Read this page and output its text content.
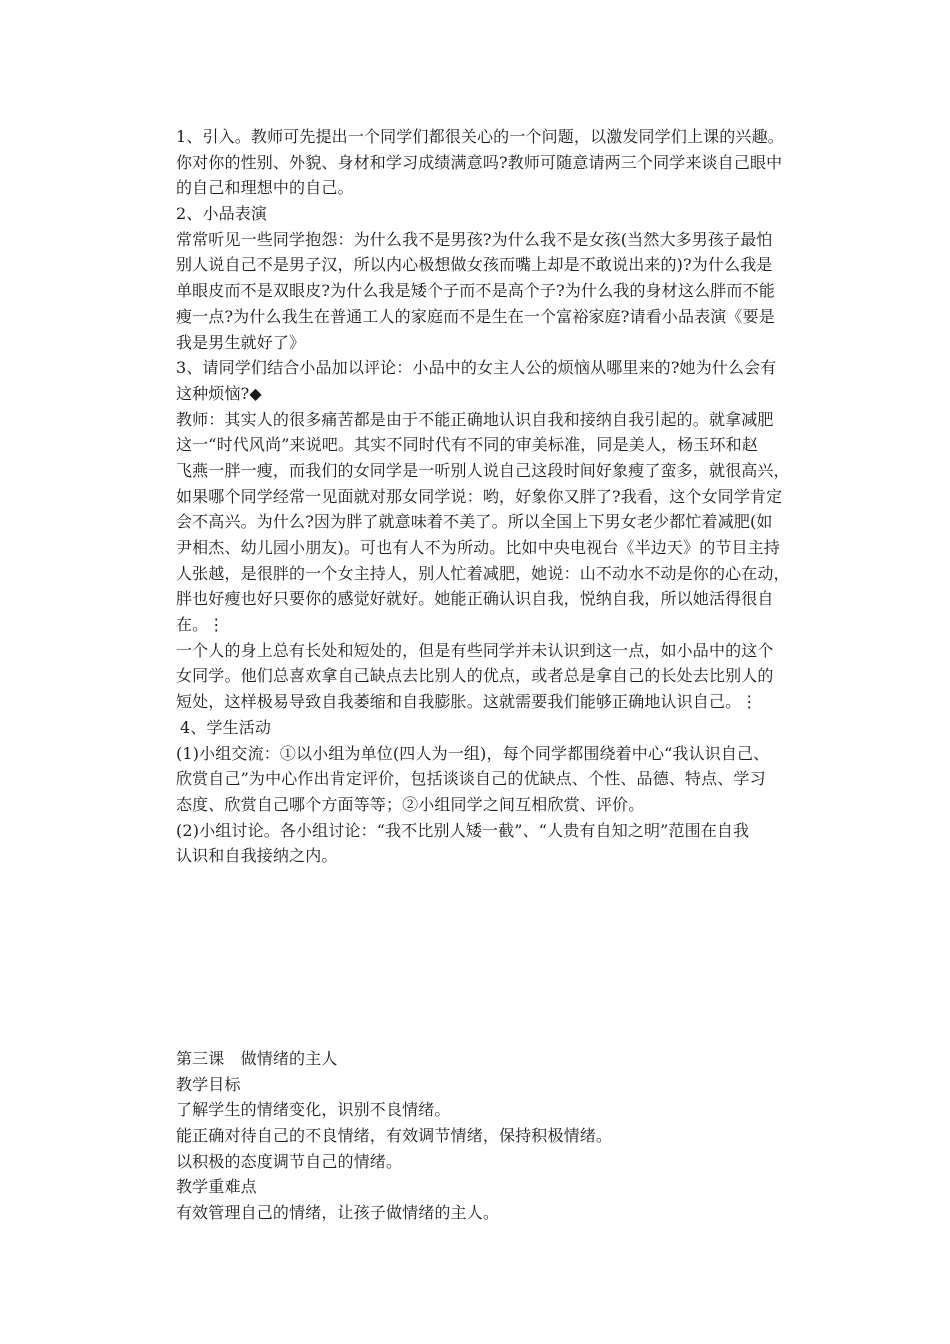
1、引入。教师可先提出一个同学们都很关心的一个问题，以激发同学们上课的兴趣。
你对你的性别、外貌、身材和学习成绩满意吗?教师可随意请两三个同学来谈自己眼中
的自己和理想中的自己。
2、小品表演
常常听见一些同学抱怨：为什么我不是男孩?为什么我不是女孩(当然大多男孩子最怕
别人说自己不是男子汉，所以内心极想做女孩而嘴上却是不敢说出来的)?为什么我是
单眼皮而不是双眼皮?为什么我是矮个子而不是高个子?为什么我的身材这么胖而不能
瘦一点?为什么我生在普通工人的家庭而不是生在一个富裕家庭?请看小品表演《要是
我是男生就好了》
3、请同学们结合小品加以评论：小品中的女主人公的烦恼从哪里来的?她为什么会有
这种烦恼?◆
教师：其实人的很多痛苦都是由于不能正确地认识自我和接纳自我引起的。就拿减肥
这一“时代风尚”来说吧。其实不同时代有不同的审美标准，同是美人，杨玉环和赵
飞燕一胖一瘦，而我们的女同学是一听别人说自己这段时间好象瘦了蛮多，就很高兴，
如果哪个同学经常一见面就对那女同学说：哟，好象你又胖了?我看，这个女同学肯定
会不高兴。为什么?因为胖了就意味着不美了。所以全国上下男女老少都忙着减肥(如
尹相杰、幼儿园小朋友)。可也有人不为所动。比如中央电视台《半边天》的节目主持
人张越，是很胖的一个女主持人，别人忙着减肥，她说：山不动水不动是你的心在动，
胖也好瘦也好只要你的感觉好就好。她能正确认识自我，悦纳自我，所以她活得很自
在。⋮
一个人的身上总有长处和短处的，但是有些同学并未认识到这一点，如小品中的这个
女同学。他们总喜欢拿自己缺点去比别人的优点，或者总是拿自己的长处去比别人的
短处，这样极易导致自我萎缩和自我膨胀。这就需要我们能够正确地认识自己。⋮
4、学生活动
(1)小组交流：①以小组为单位(四人为一组)，每个同学都围绕着中心“我认识自己、
欣赏自己”为中心作出肯定评价，包括谈谈自己的优缺点、个性、品德、特点、学习
态度、欣赏自己哪个方面等等；②小组同学之间互相欣赏、评价。
(2)小组讨论。各小组讨论：“我不比别人矮一截”、“人贵有自知之明”范围在自我
认识和自我接纳之内。
第三课　做情绪的主人
教学目标
了解学生的情绪变化，识别不良情绪。
能正确对待自己的不良情绪，有效调节情绪，保持积极情绪。
以积极的态度调节自己的情绪。
教学重难点
有效管理自己的情绪，让孩子做情绪的主人。
